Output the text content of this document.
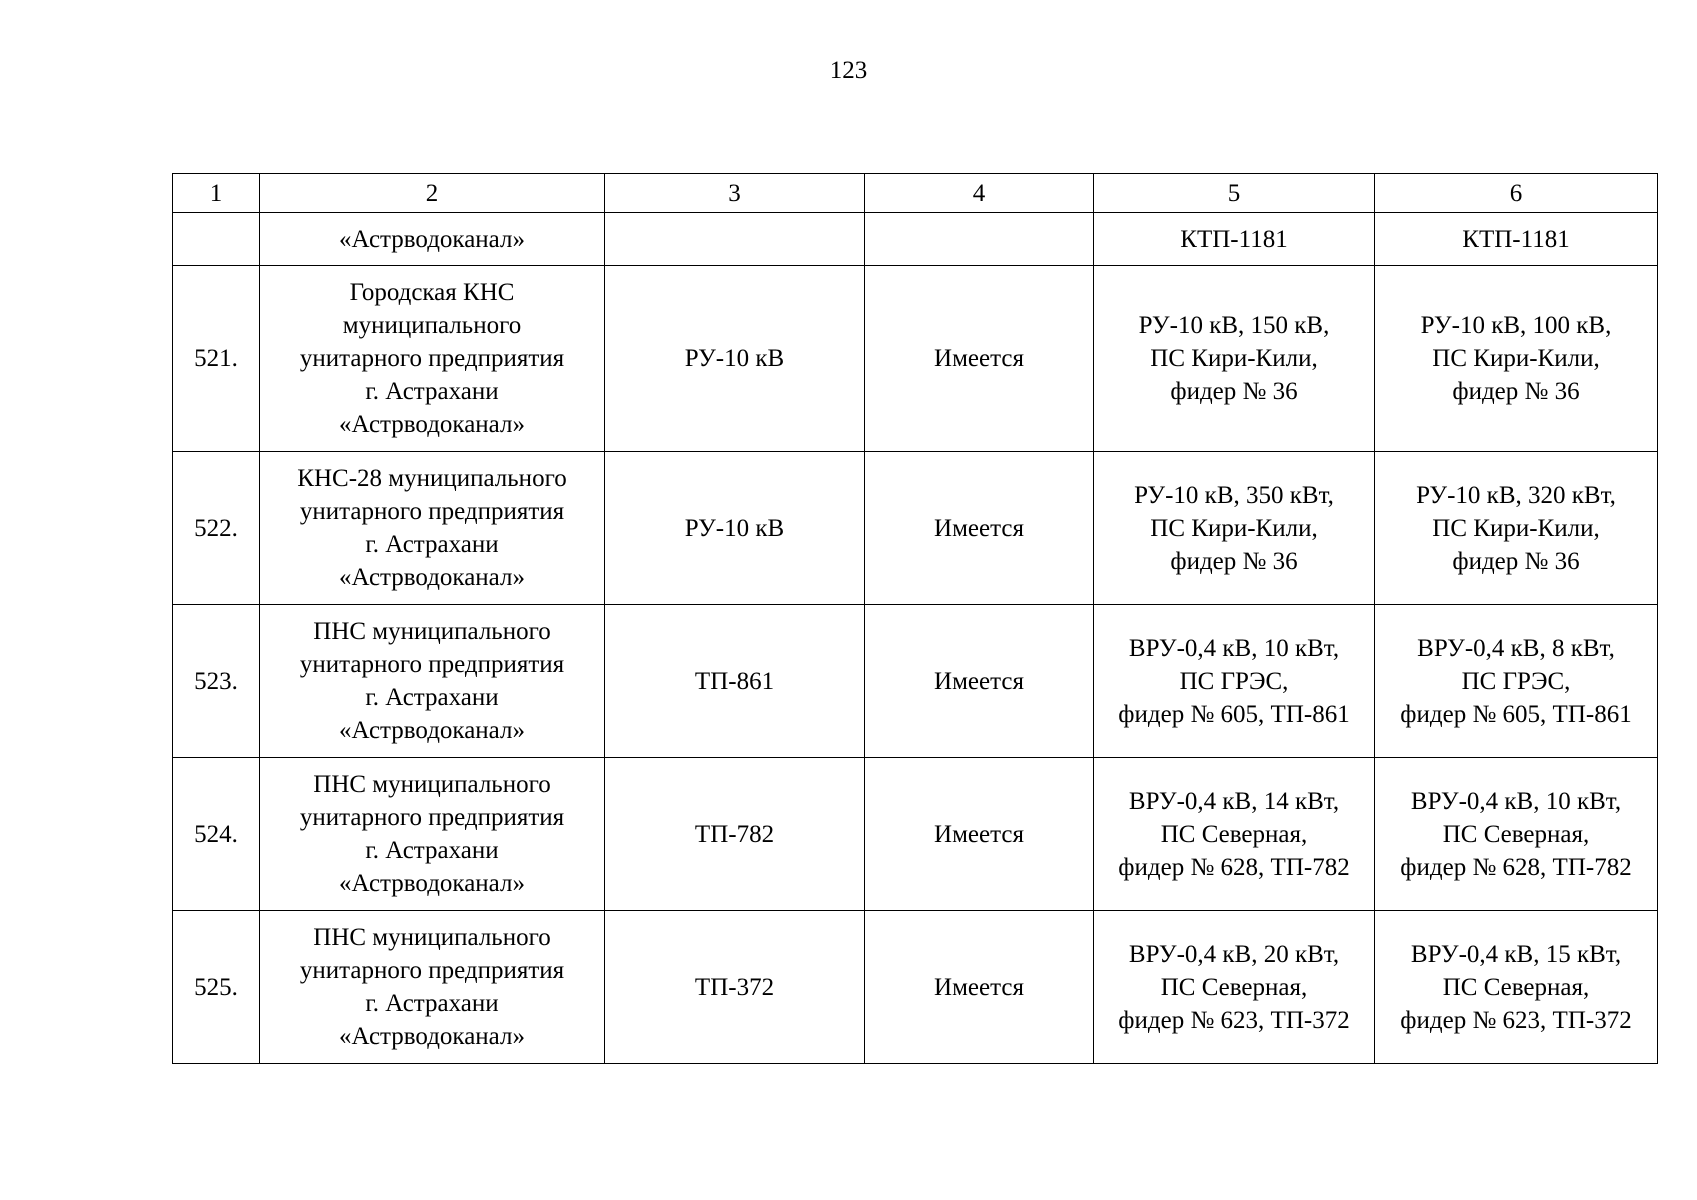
123
1	2	3	4	5	6
	«Астрводоканал»			КТП-1181	КТП-1181
521.	Городская КНС
муниципального
унитарного предприятия
г. Астрахани
«Астрводоканал»	РУ-10 кВ	Имеется	РУ-10 кВ, 150 кВ,
ПС Кири-Кили,
фидер № 36	РУ-10 кВ, 100 кВ,
ПС Кири-Кили,
фидер № 36
522.	КНС-28 муниципального
унитарного предприятия
г. Астрахани
«Астрводоканал»	РУ-10 кВ	Имеется	РУ-10 кВ, 350 кВт,
ПС Кири-Кили,
фидер № 36	РУ-10 кВ, 320 кВт,
ПС Кири-Кили,
фидер № 36
523.	ПНС муниципального
унитарного предприятия
г. Астрахани
«Астрводоканал»	ТП-861	Имеется	ВРУ-0,4 кВ, 10 кВт,
ПС ГРЭС,
фидер № 605, ТП-861	ВРУ-0,4 кВ, 8 кВт,
ПС ГРЭС,
фидер № 605, ТП-861
524.	ПНС муниципального
унитарного предприятия
г. Астрахани
«Астрводоканал»	ТП-782	Имеется	ВРУ-0,4 кВ, 14 кВт,
ПС Северная,
фидер № 628, ТП-782	ВРУ-0,4 кВ, 10 кВт,
ПС Северная,
фидер № 628, ТП-782
525.	ПНС муниципального
унитарного предприятия
г. Астрахани
«Астрводоканал»	ТП-372	Имеется	ВРУ-0,4 кВ, 20 кВт,
ПС Северная,
фидер № 623, ТП-372	ВРУ-0,4 кВ, 15 кВт,
ПС Северная,
фидер № 623, ТП-372
